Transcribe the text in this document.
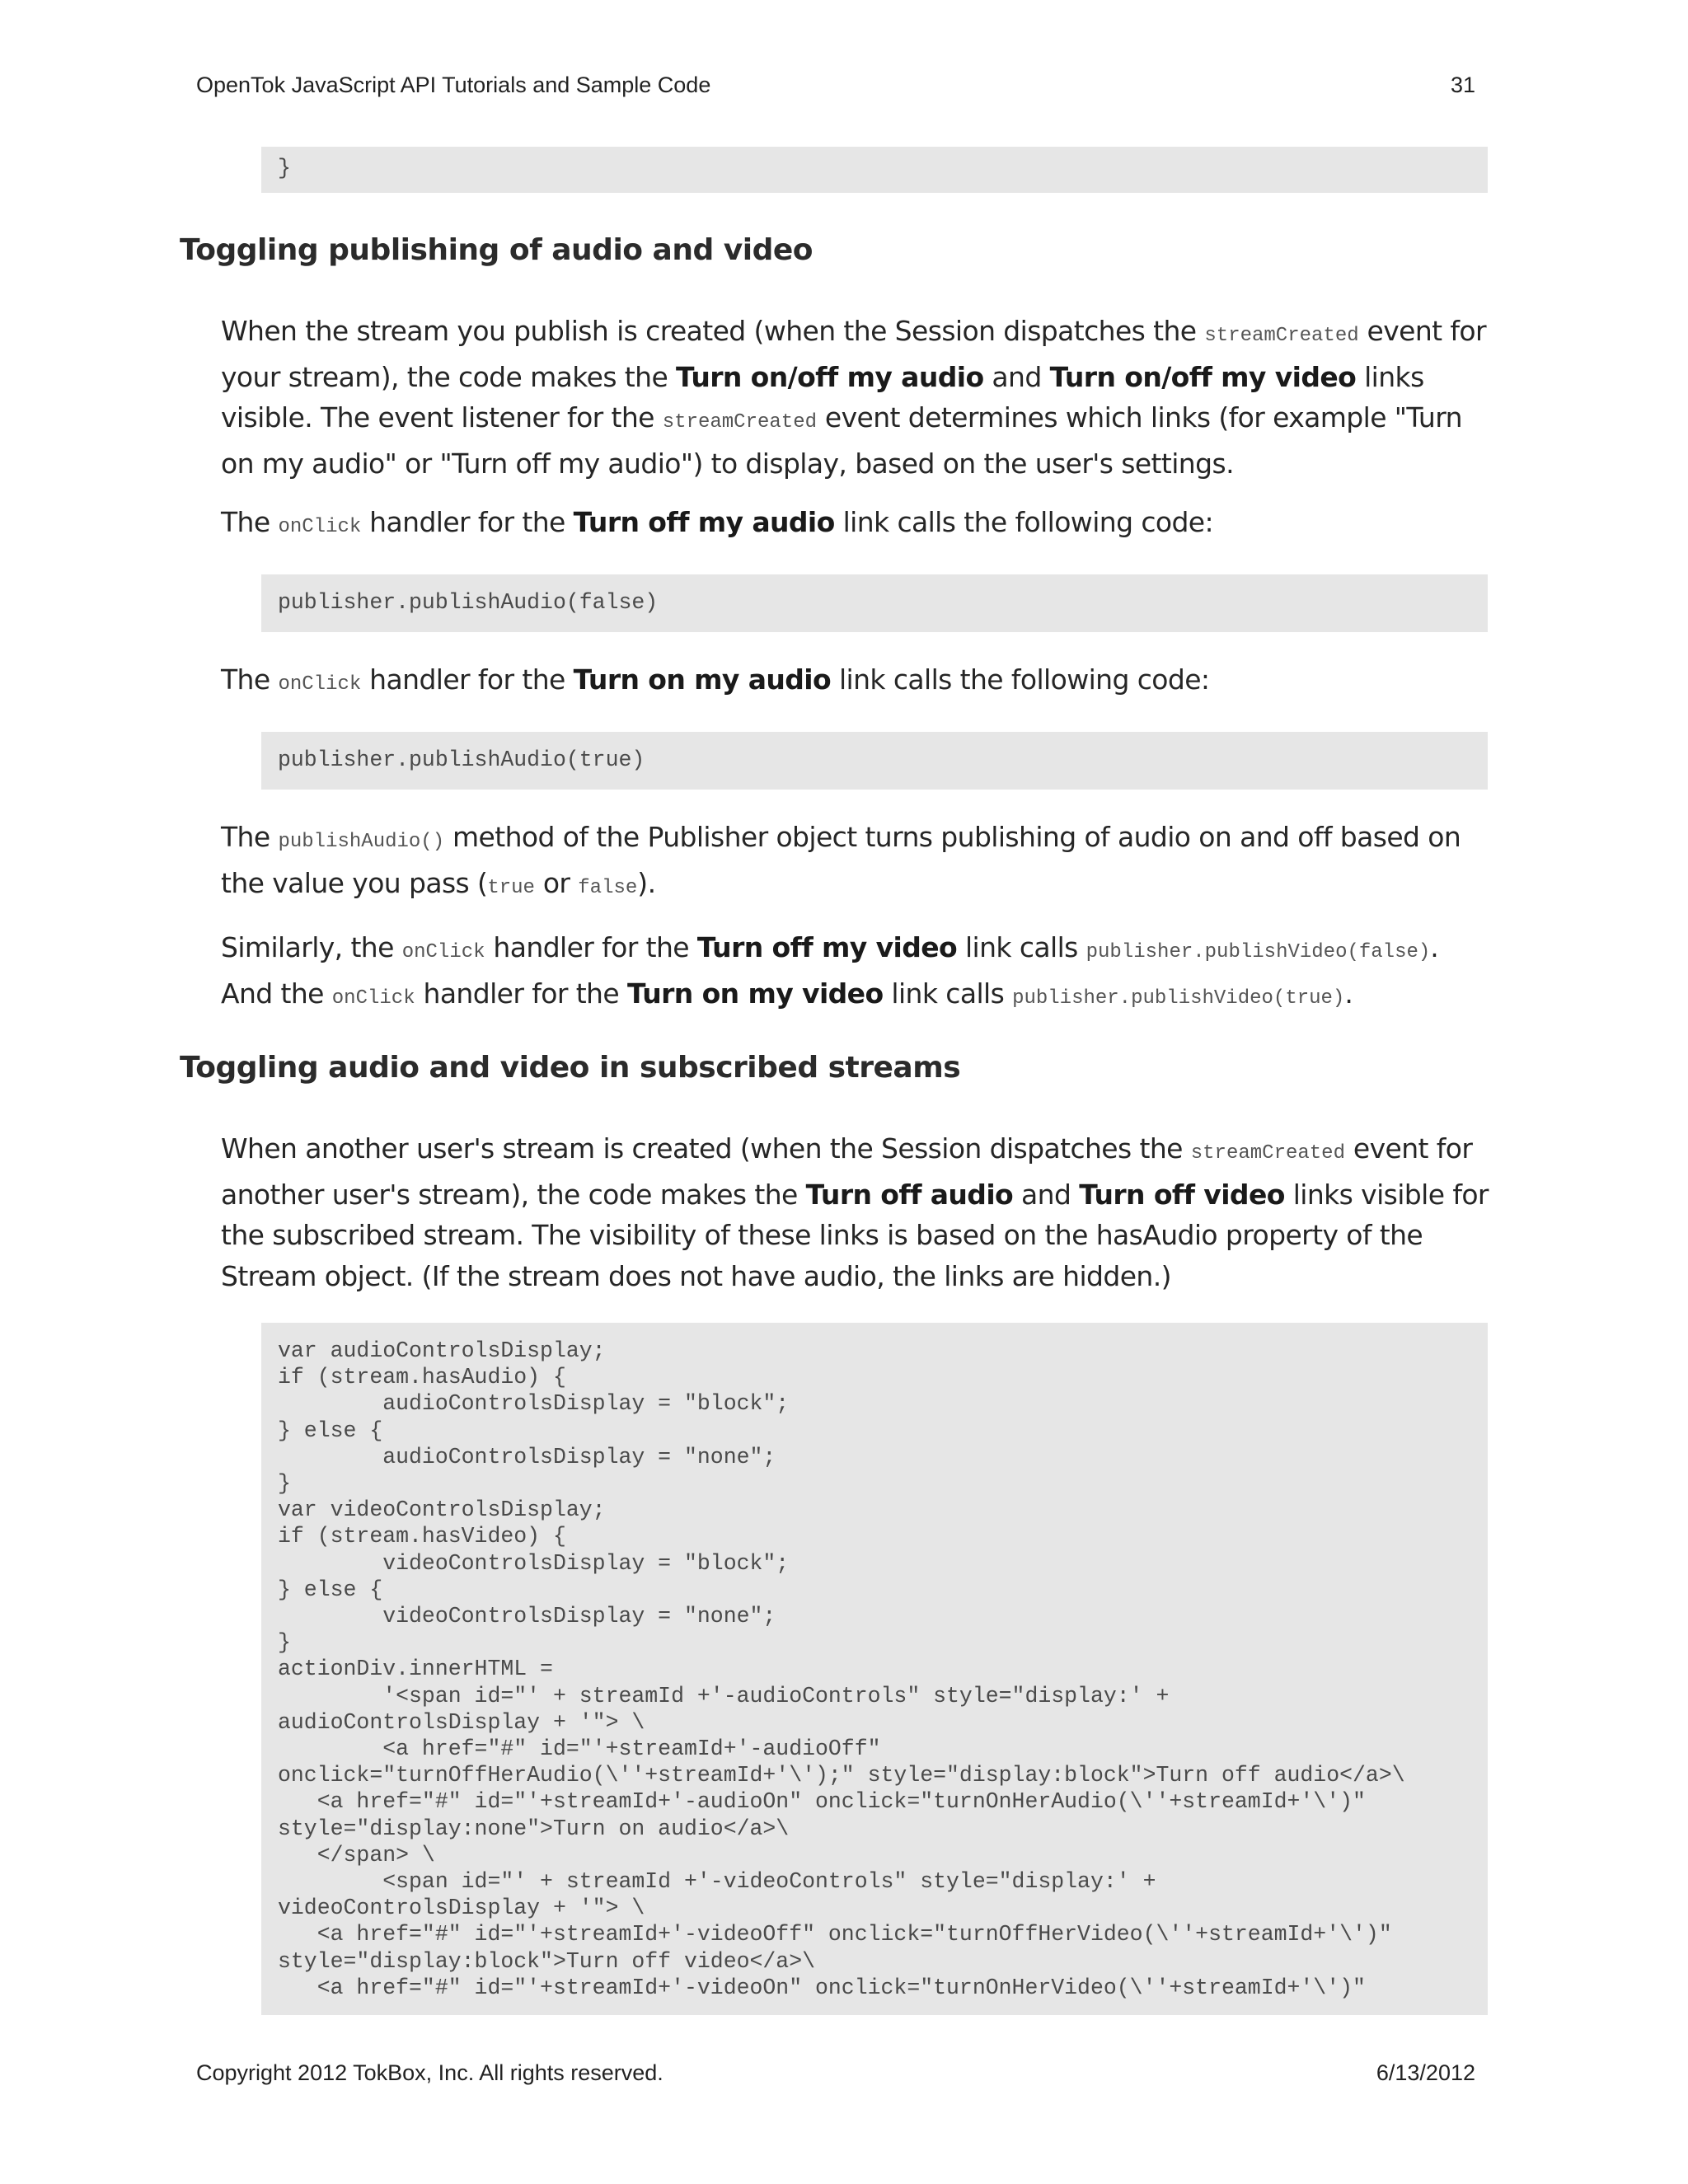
OpenTok JavaScript API Tutorials and Sample Code	31
}
Toggling publishing of audio and video
When the stream you publish is created (when the Session dispatches the streamCreated event for your stream), the code makes the Turn on/off my audio and Turn on/off my video links visible. The event listener for the streamCreated event determines which links (for example "Turn on my audio" or "Turn off my audio") to display, based on the user's settings.
The onClick handler for the Turn off my audio link calls the following code:
publisher.publishAudio(false)
The onClick handler for the Turn on my audio link calls the following code:
publisher.publishAudio(true)
The publishAudio() method of the Publisher object turns publishing of audio on and off based on the value you pass (true or false).
Similarly, the onClick handler for the Turn off my video link calls publisher.publishVideo(false). And the onClick handler for the Turn on my video link calls publisher.publishVideo(true).
Toggling audio and video in subscribed streams
When another user's stream is created (when the Session dispatches the streamCreated event for another user's stream), the code makes the Turn off audio and Turn off video links visible for the subscribed stream. The visibility of these links is based on the hasAudio property of the Stream object. (If the stream does not have audio, the links are hidden.)
var audioControlsDisplay;
if (stream.hasAudio) {
audioControlsDisplay = "block";
} else {
audioControlsDisplay = "none";
}
var videoControlsDisplay;
if (stream.hasVideo) {
videoControlsDisplay = "block";
} else {
videoControlsDisplay = "none";
}
actionDiv.innerHTML =
'<span id="' + streamId +'-audioControls" style="display:' +
audioControlsDisplay + '"> \
<a href="#" id="'+streamId+'-audioOff"
onclick="turnOffHerAudio(\''+streamId+'\');" style="display:block">Turn off audio</a>\
<a href="#" id="'+streamId+'-audioOn" onclick="turnOnHerAudio(\''+streamId+'\')"
style="display:none">Turn on audio</a>\
</span> \
<span id="' + streamId +'-videoControls" style="display:' +
videoControlsDisplay + '"> \
<a href="#" id="'+streamId+'-videoOff" onclick="turnOffHerVideo(\''+streamId+'\')"
style="display:block">Turn off video</a>\
<a href="#" id="'+streamId+'-videoOn" onclick="turnOnHerVideo(\''+streamId+'\')"
Copyright 2012 TokBox, Inc. All rights reserved.	6/13/2012
